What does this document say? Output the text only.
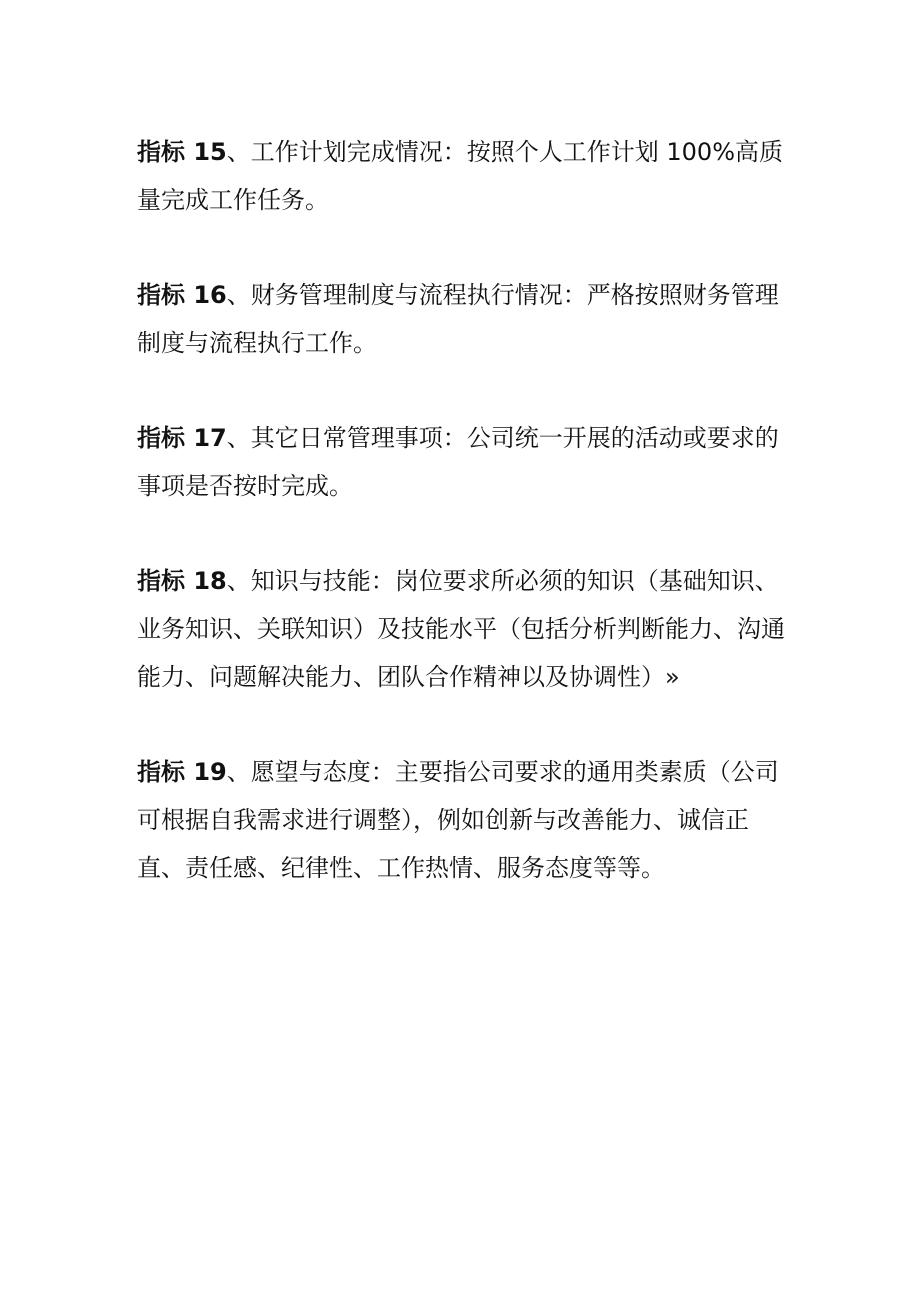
指标 15、工作计划完成情况：按照个人工作计划 100%高质量完成工作任务。

指标 16、财务管理制度与流程执行情况：严格按照财务管理制度与流程执行工作。

指标 17、其它日常管理事项：公司统一开展的活动或要求的事项是否按时完成。

指标 18、知识与技能：岗位要求所必须的知识（基础知识、业务知识、关联知识）及技能水平（包括分析判断能力、沟通能力、问题解决能力、团队合作精神以及协调性）»

指标 19、愿望与态度：主要指公司要求的通用类素质（公司可根据自我需求进行调整），例如创新与改善能力、诚信正直、责任感、纪律性、工作热情、服务态度等等。
